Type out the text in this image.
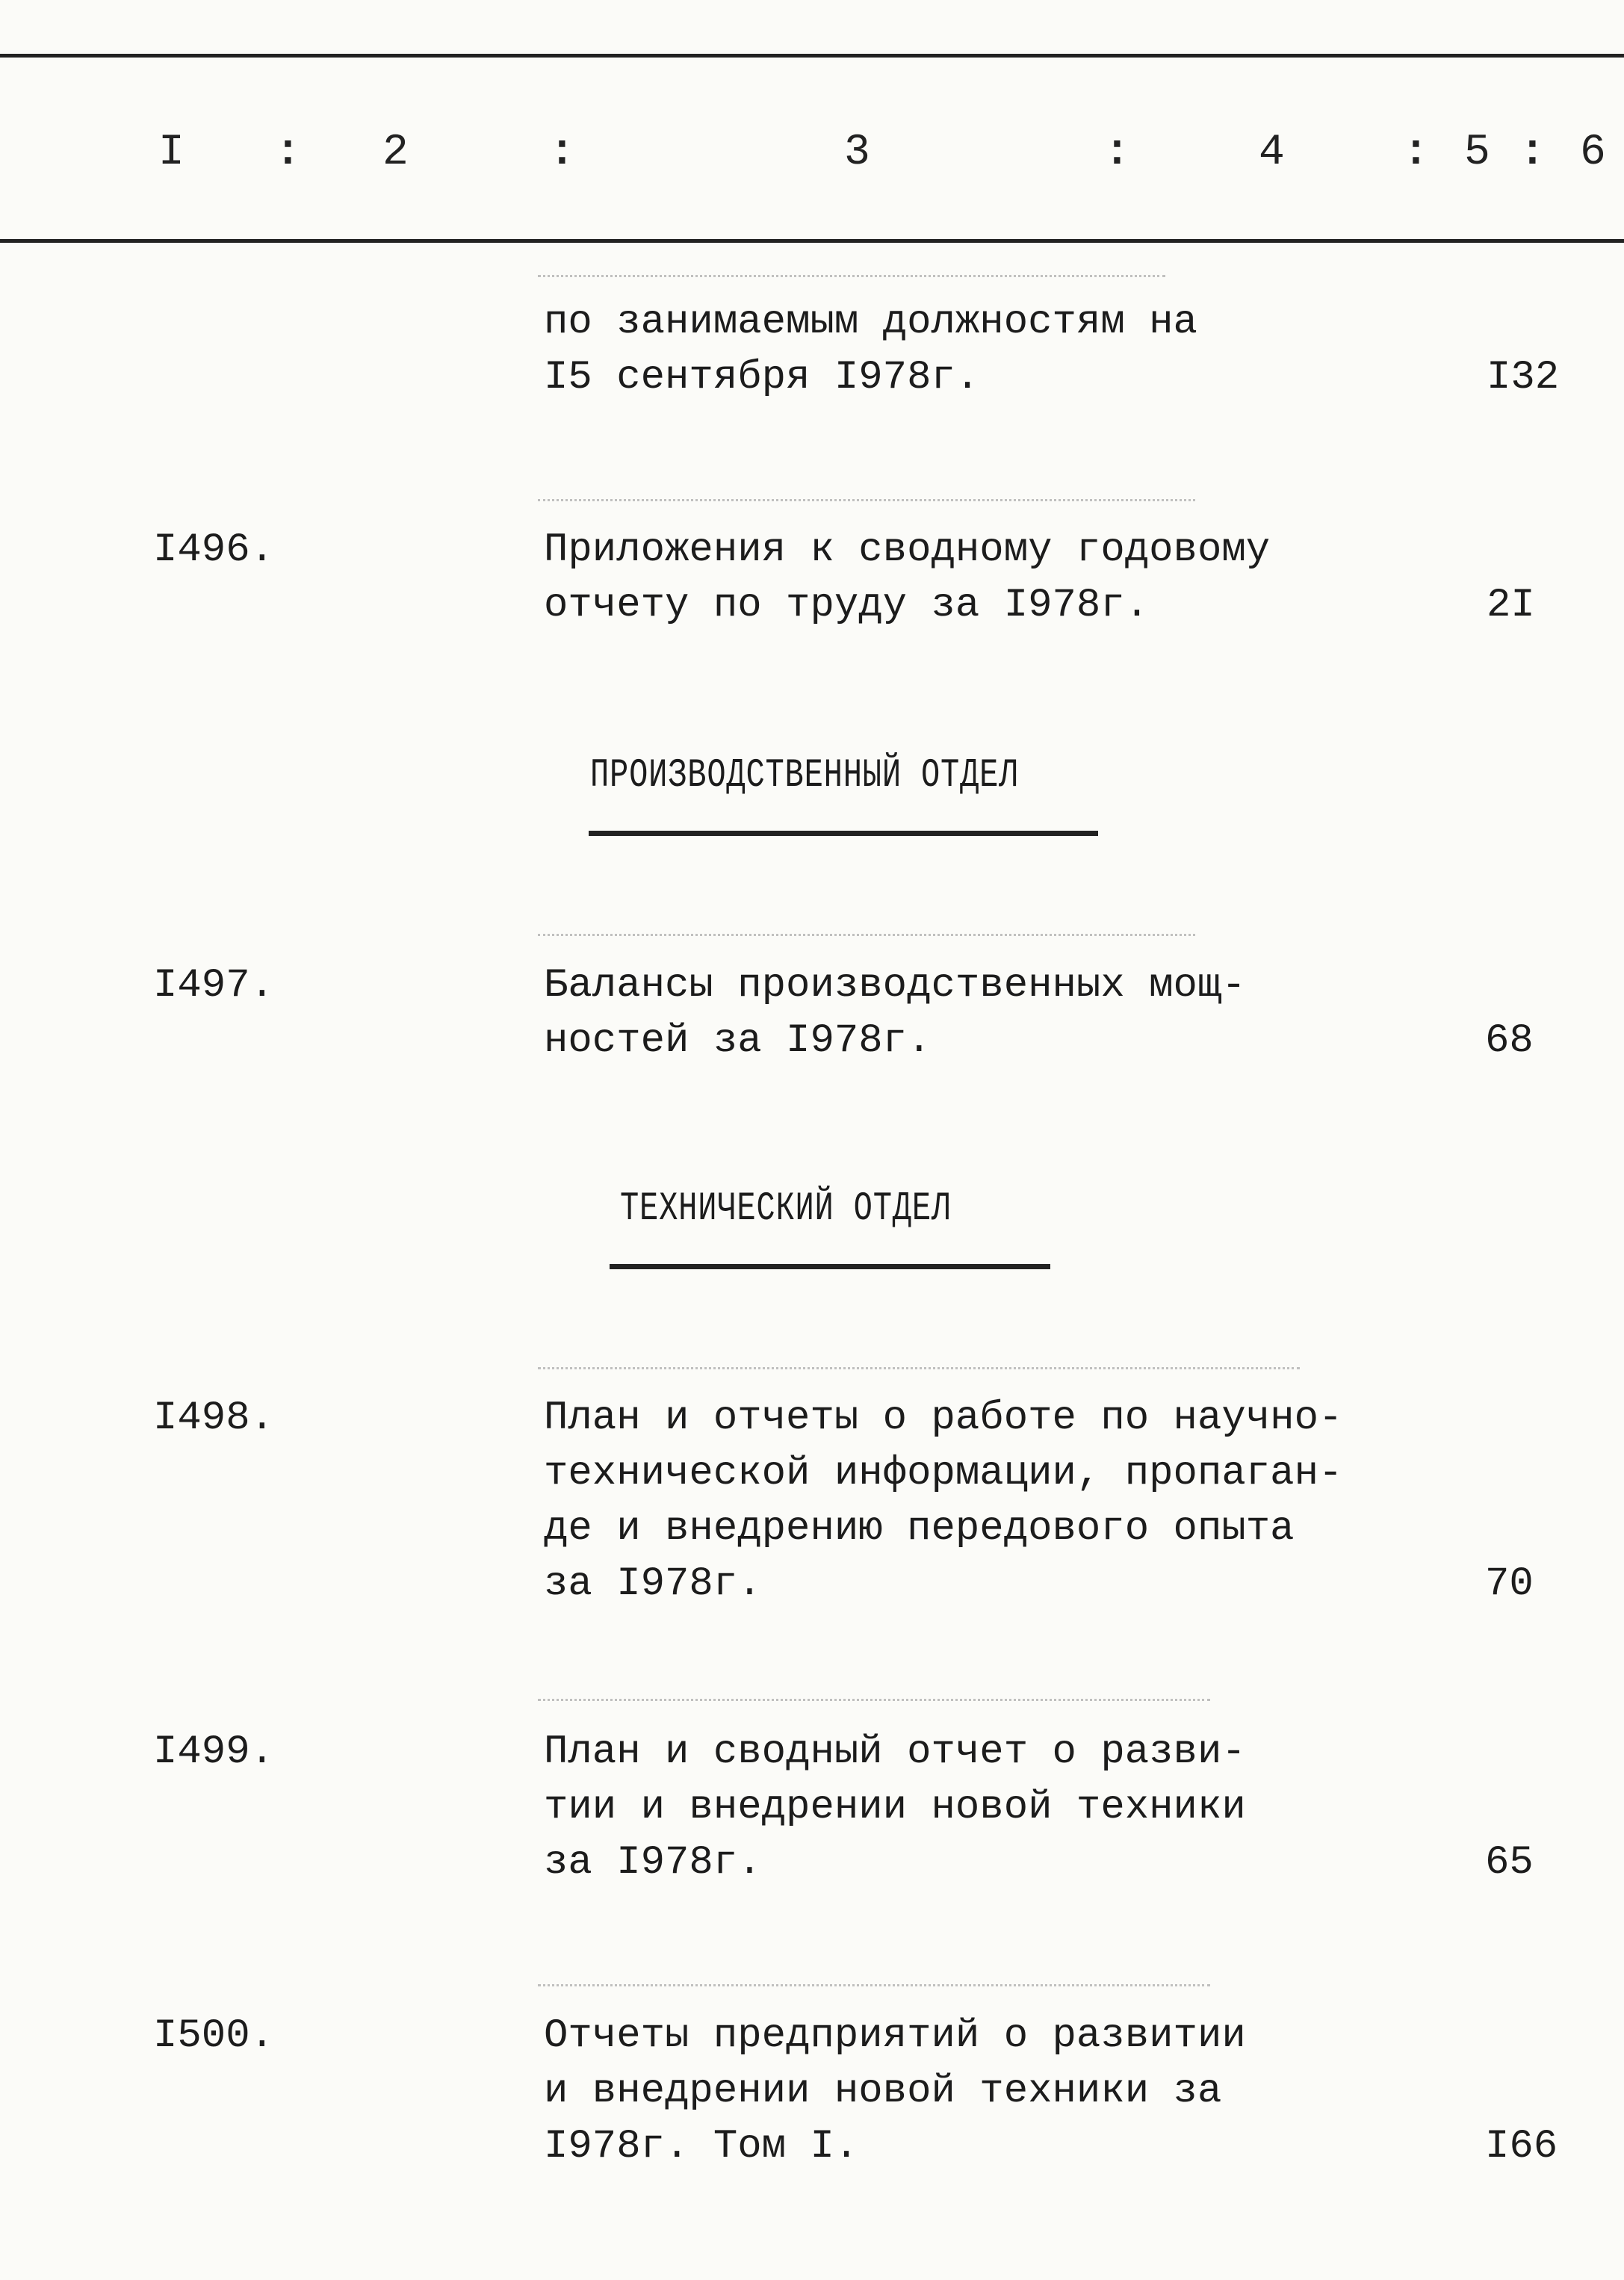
I : 2	:	3	:	4	: 5 : 6
по занимаемым должностям на
I5 сентября I978г.	I32
I496.	Приложения к сводному годовому
отчету по труду за I978г.	2I
ПРОИЗВОДСТВЕННЫЙ ОТДЕЛ
I497.	Балансы производственных мощ-
ностей за I978г.	68
ТЕХНИЧЕСКИЙ ОТДЕЛ
I498.	План и отчеты о работе по научно-
технической информации, пропаган-
де и внедрению передового опыта
за I978г.	70
I499.	План и сводный отчет о разви-
тии и внедрении новой техники
за I978г.	65
I500.	Отчеты предприятий о развитии
и внедрении новой техники за
I978г. Том I.	I66
